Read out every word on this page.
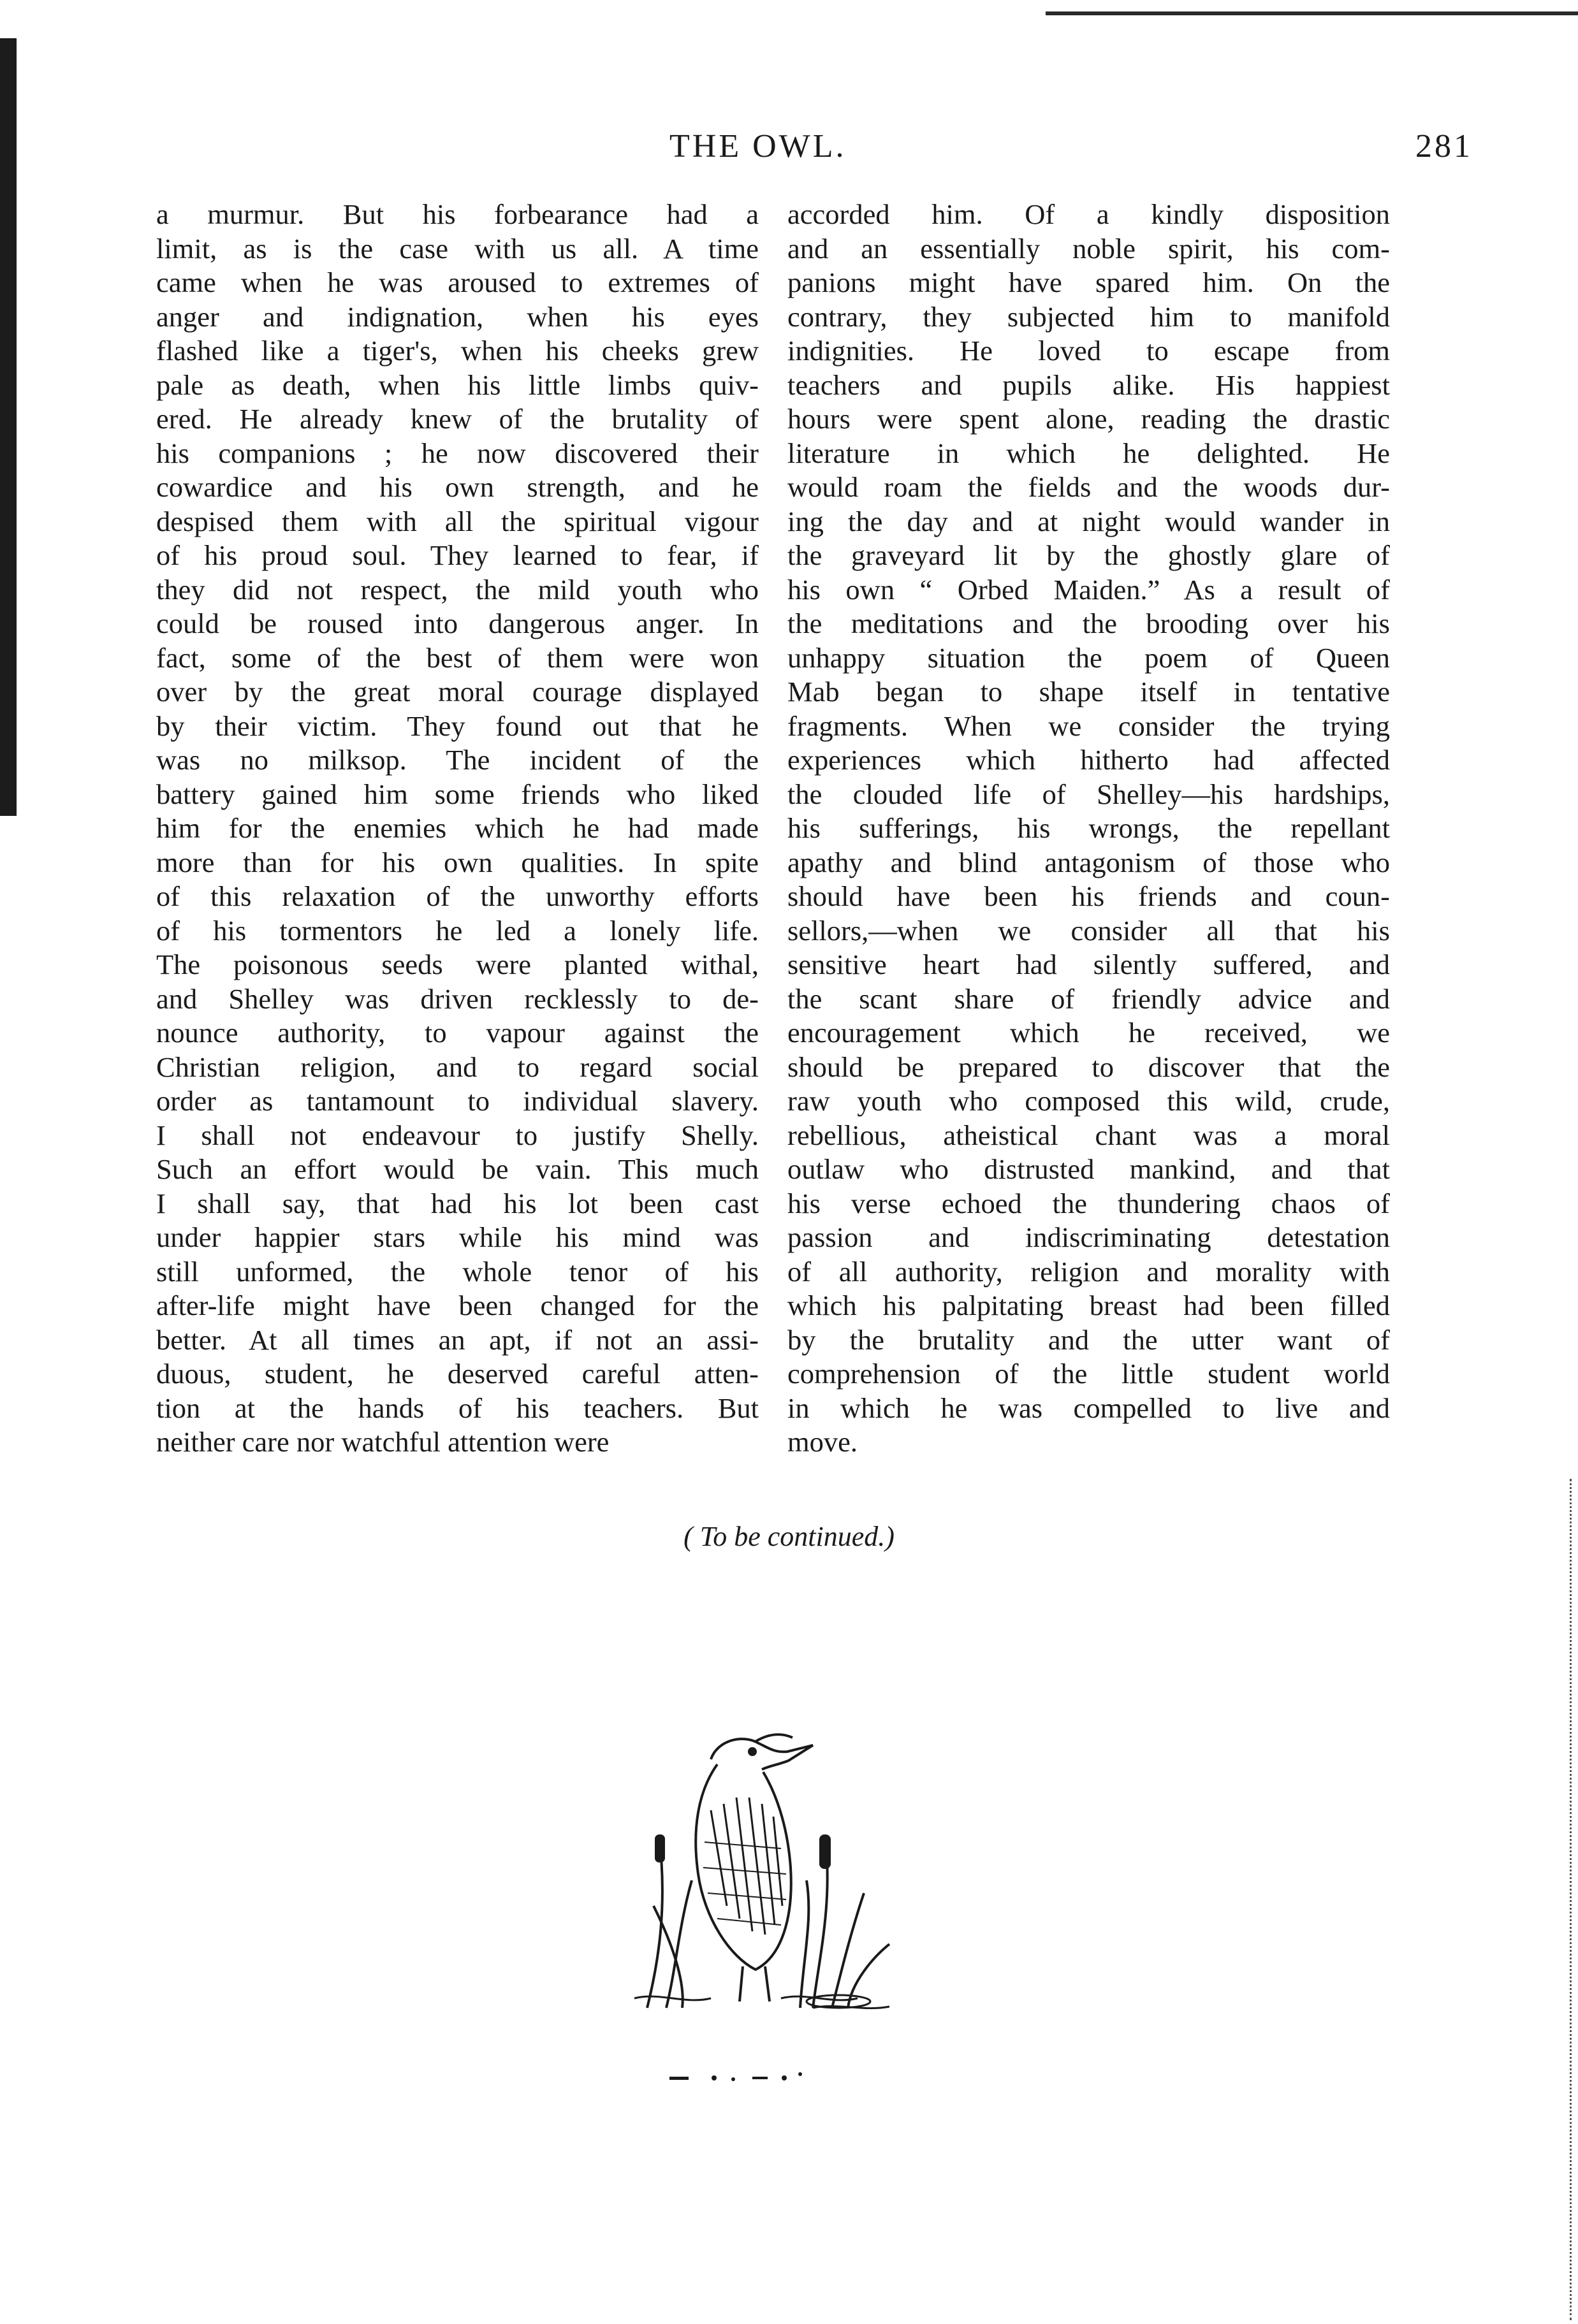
THE OWL.	281
a murmur. But his forbearance had a
limit, as is the case with us all. A time
came when he was aroused to extremes of
anger and indignation, when his eyes
flashed like a tiger's, when his cheeks grew
pale as death, when his little limbs quiv-
ered. He already knew of the brutality of
his companions ; he now discovered their
cowardice and his own strength, and he
despised them with all the spiritual vigour
of his proud soul. They learned to fear, if
they did not respect, the mild youth who
could be roused into dangerous anger. In
fact, some of the best of them were won
over by the great moral courage displayed
by their victim. They found out that he
was no milksop. The incident of the
battery gained him some friends who liked
him for the enemies which he had made
more than for his own qualities. In spite
of this relaxation of the unworthy efforts
of his tormentors he led a lonely life.
The poisonous seeds were planted withal,
and Shelley was driven recklessly to de-
nounce authority, to vapour against the
Christian religion, and to regard social
order as tantamount to individual slavery.
I shall not endeavour to justify Shelly.
Such an effort would be vain. This much
I shall say, that had his lot been cast
under happier stars while his mind was
still unformed, the whole tenor of his
after-life might have been changed for the
better. At all times an apt, if not an assi-
duous, student, he deserved careful atten-
tion at the hands of his teachers. But
neither care nor watchful attention were
accorded him. Of a kindly disposition
and an essentially noble spirit, his com-
panions might have spared him. On the
contrary, they subjected him to manifold
indignities. He loved to escape from
teachers and pupils alike. His happiest
hours were spent alone, reading the drastic
literature in which he delighted. He
would roam the fields and the woods dur-
ing the day and at night would wander in
the graveyard lit by the ghostly glare of
his own “ Orbed Maiden.” As a result of
the meditations and the brooding over his
unhappy situation the poem of Queen
Mab began to shape itself in tentative
fragments. When we consider the trying
experiences which hitherto had affected
the clouded life of Shelley—his hardships,
his sufferings, his wrongs, the repellant
apathy and blind antagonism of those who
should have been his friends and coun-
sellors,—when we consider all that his
sensitive heart had silently suffered, and
the scant share of friendly advice and
encouragement which he received, we
should be prepared to discover that the
raw youth who composed this wild, crude,
rebellious, atheistical chant was a moral
outlaw who distrusted mankind, and that
his verse echoed the thundering chaos of
passion and indiscriminating detestation
of all authority, religion and morality with
which his palpitating breast had been filled
by the brutality and the utter want of
comprehension of the little student world
in which he was compelled to live and
move.
( To be continued.)
